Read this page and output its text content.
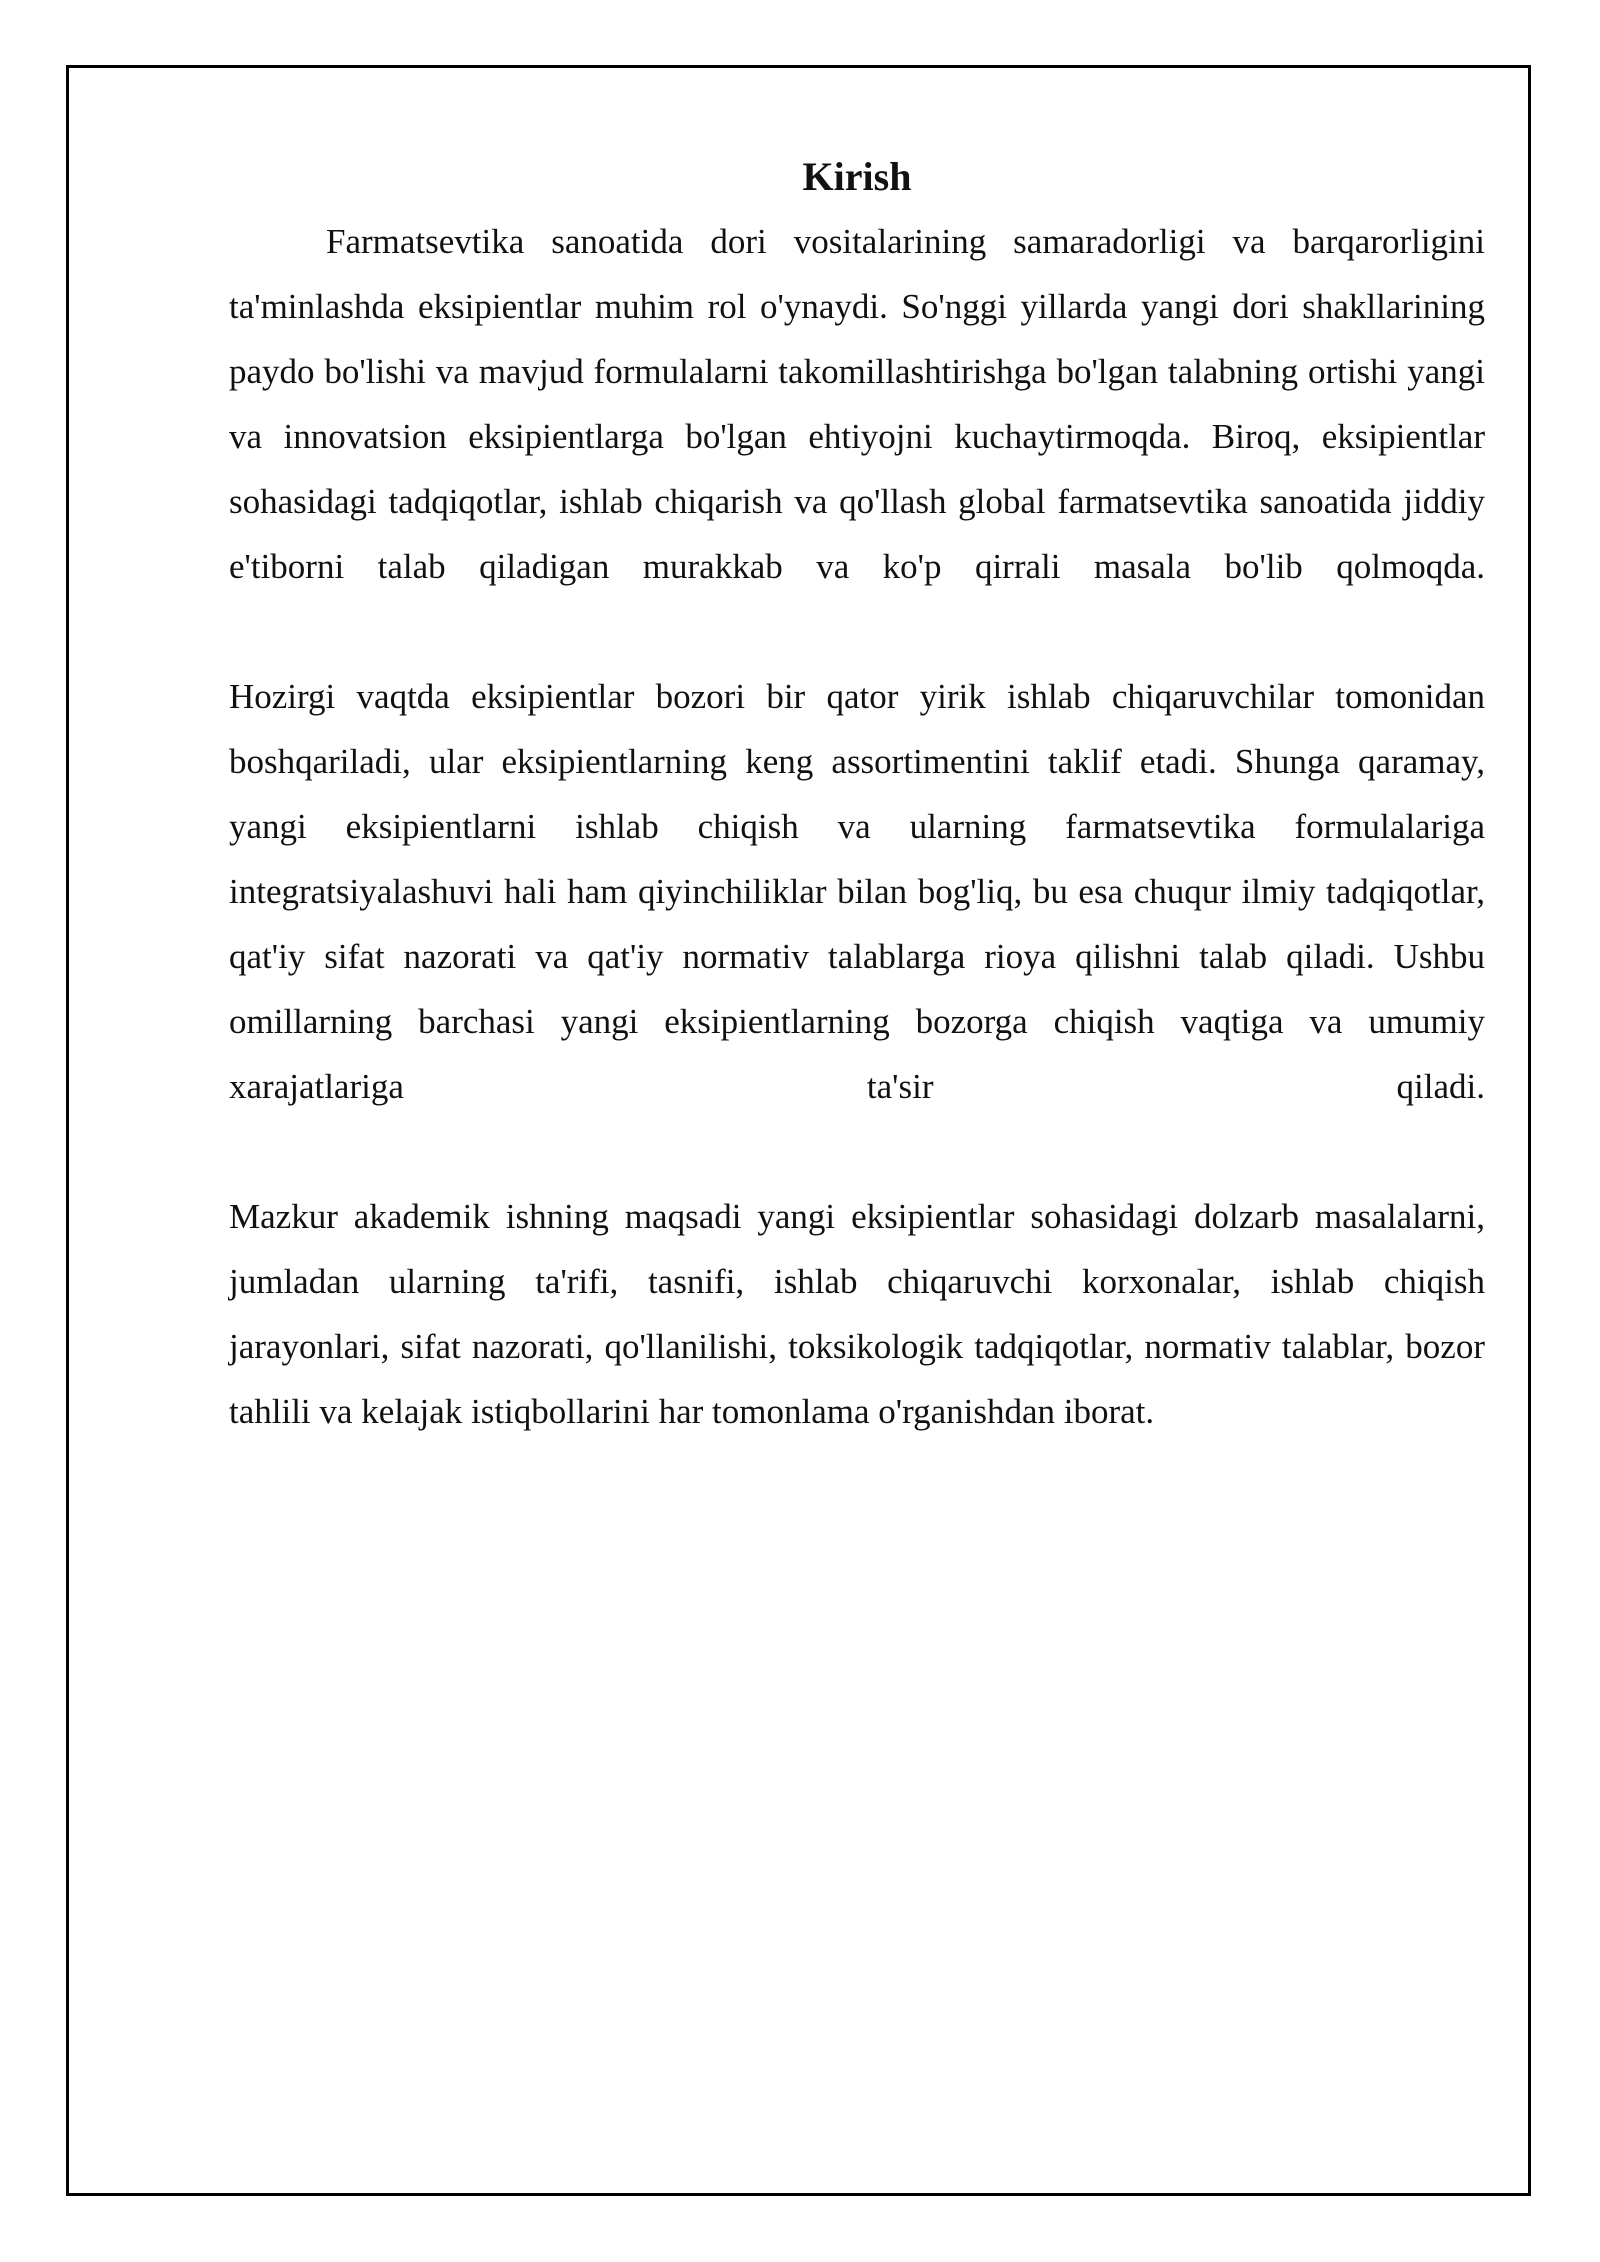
Kirish

Farmatsevtika sanoatida dori vositalarining samaradorligi va barqarorligini ta'minlashda eksipientlar muhim rol o'ynaydi. So'nggi yillarda yangi dori shakllarining paydo bo'lishi va mavjud formulalarni takomillashtirishga bo'lgan talabning ortishi yangi va innovatsion eksipientlarga bo'lgan ehtiyojni kuchaytirmoqda. Biroq, eksipientlar sohasidagi tadqiqotlar, ishlab chiqarish va qo'llash global farmatsevtika sanoatida jiddiy e'tiborni talab qiladigan murakkab va ko'p qirrali masala bo'lib qolmoqda.

Hozirgi vaqtda eksipientlar bozori bir qator yirik ishlab chiqaruvchilar tomonidan boshqariladi, ular eksipientlarning keng assortimentini taklif etadi. Shunga qaramay, yangi eksipientlarni ishlab chiqish va ularning farmatsevtika formulalariga integratsiyalashuvi hali ham qiyinchiliklar bilan bog'liq, bu esa chuqur ilmiy tadqiqotlar, qat'iy sifat nazorati va qat'iy normativ talablarga rioya qilishni talab qiladi. Ushbu omillarning barchasi yangi eksipientlarning bozorga chiqish vaqtiga va umumiy xarajatlariga ta'sir qiladi.

Mazkur akademik ishning maqsadi yangi eksipientlar sohasidagi dolzarb masalalarni, jumladan ularning ta'rifi, tasnifi, ishlab chiqaruvchi korxonalar, ishlab chiqish jarayonlari, sifat nazorati, qo'llanilishi, toksikologik tadqiqotlar, normativ talablar, bozor tahlili va kelajak istiqbollarini har tomonlama o'rganishdan iborat.
